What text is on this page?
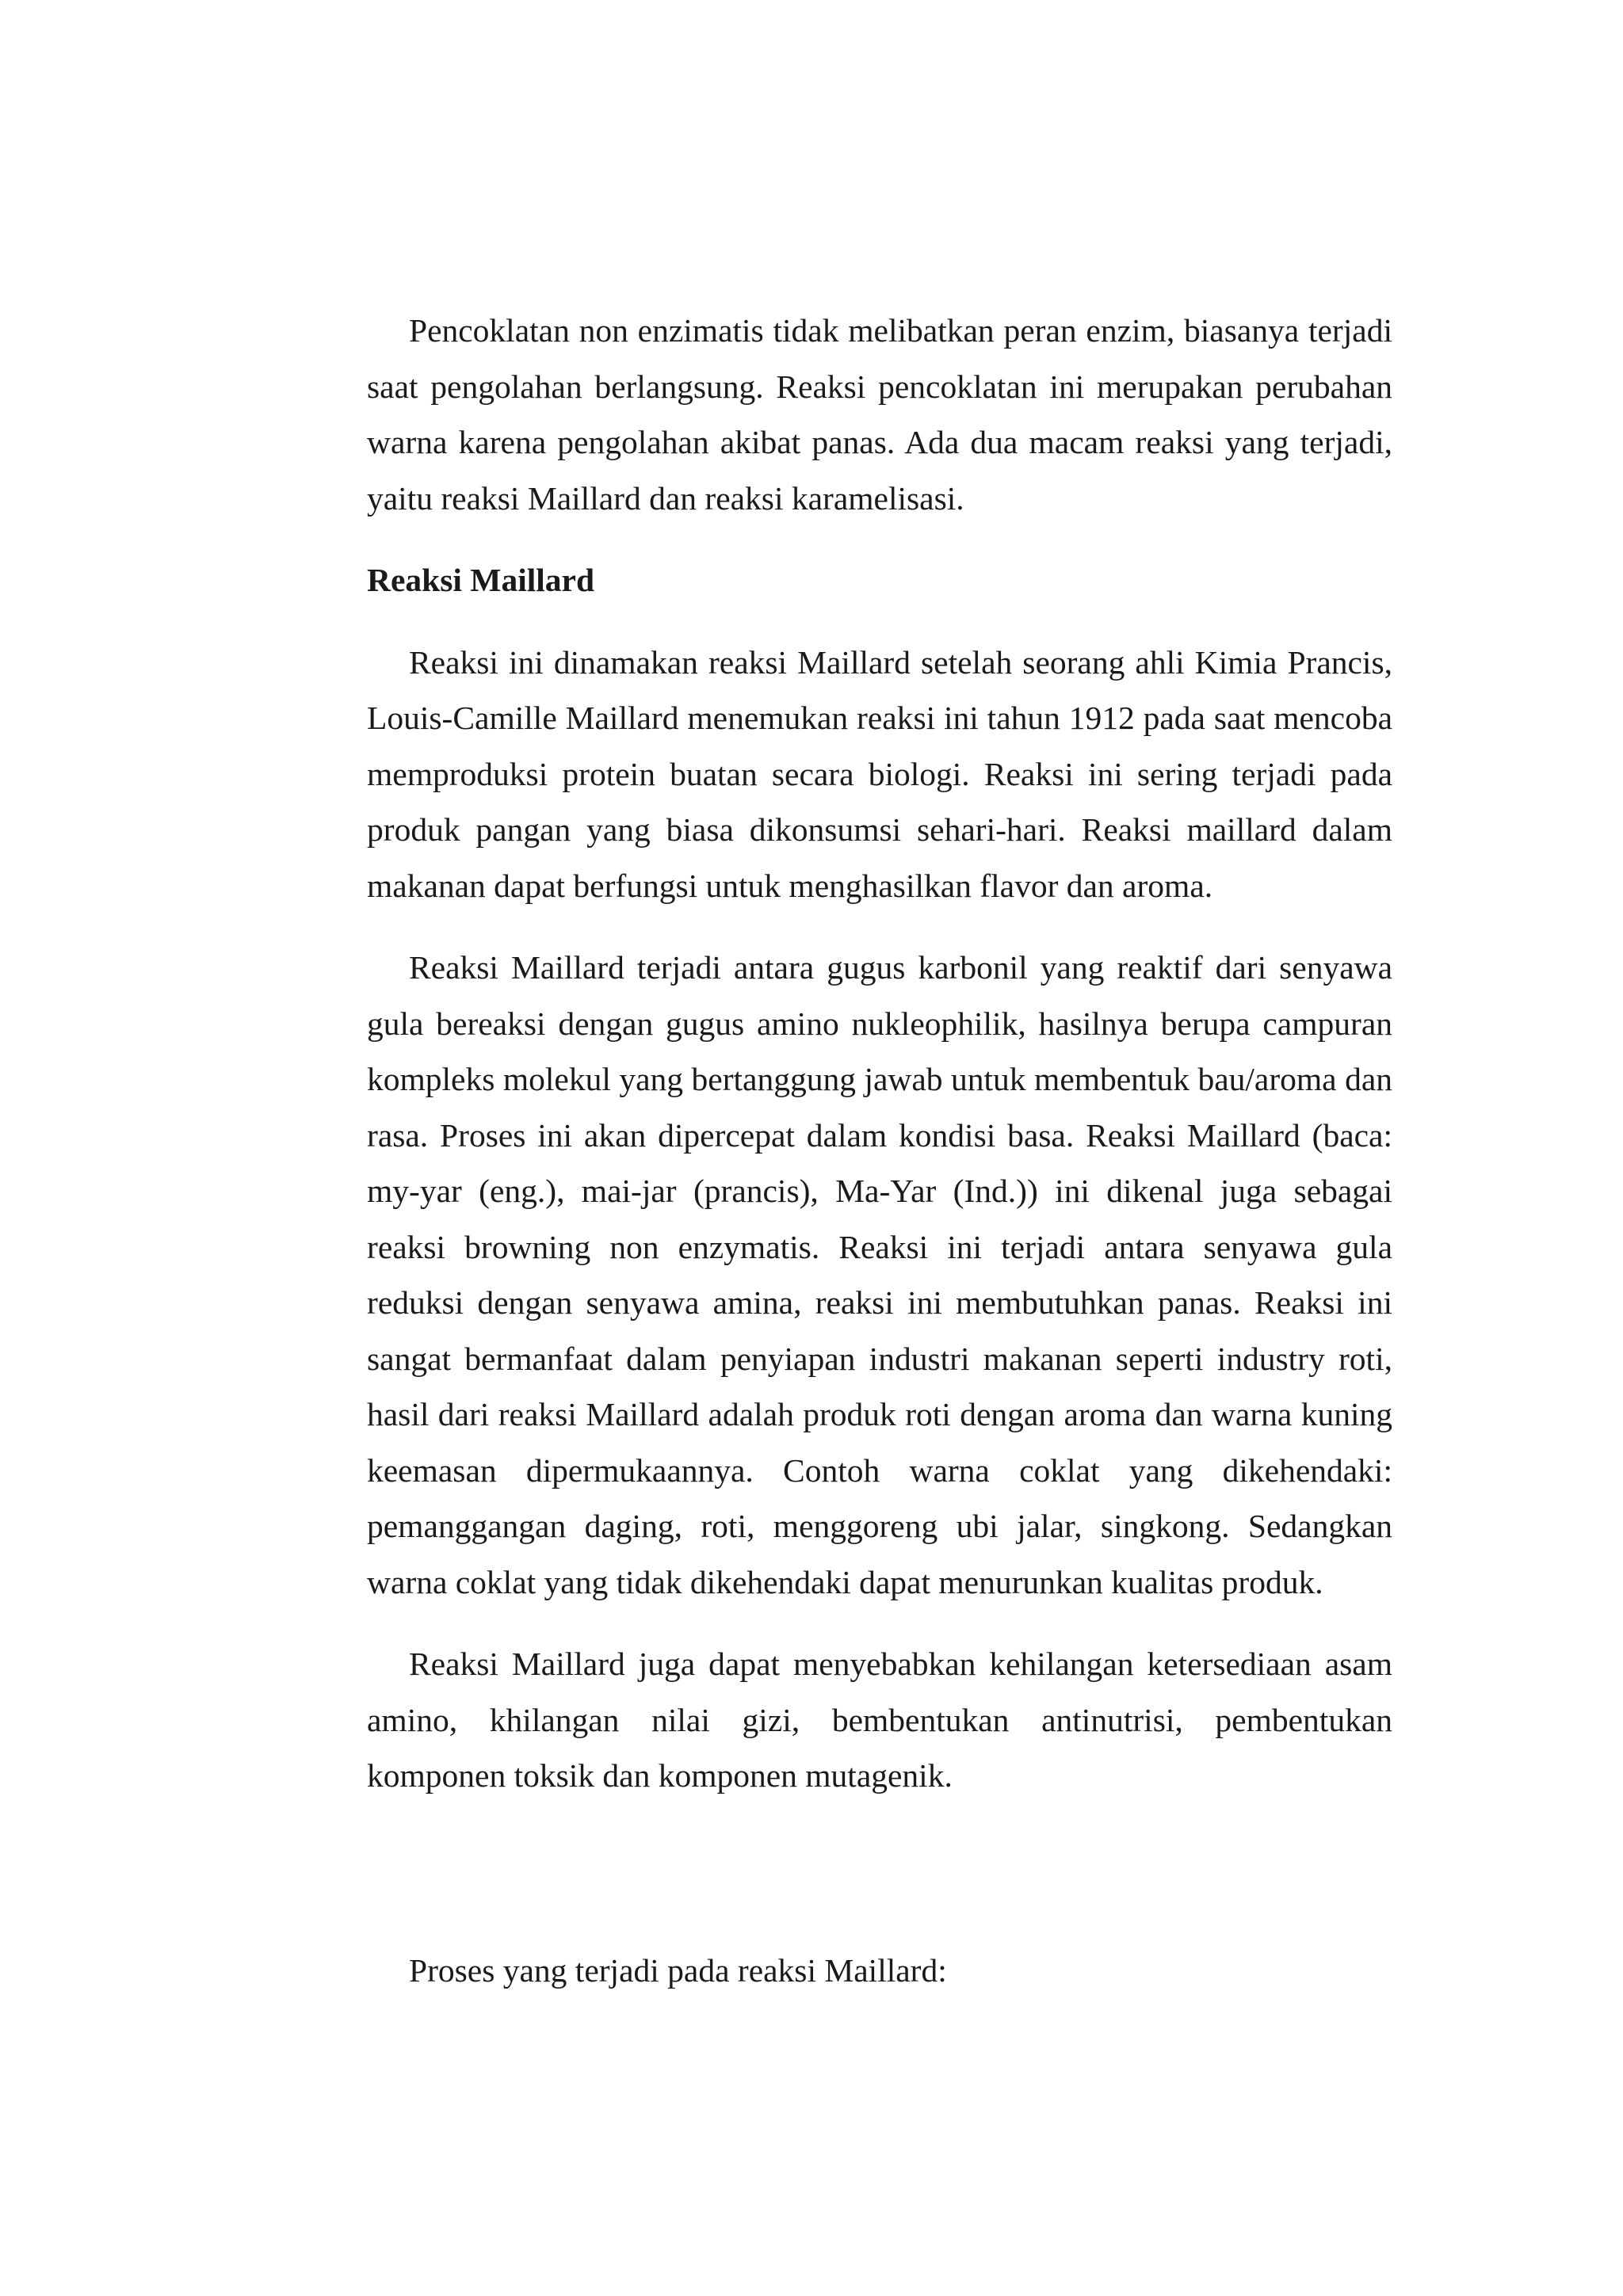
Pencoklatan non enzimatis tidak melibatkan peran enzim, biasanya terjadi saat pengolahan berlangsung. Reaksi pencoklatan ini merupakan perubahan warna karena pengolahan akibat panas. Ada dua macam reaksi yang terjadi, yaitu reaksi Maillard dan reaksi karamelisasi.

Reaksi Maillard

Reaksi ini dinamakan reaksi Maillard setelah seorang ahli Kimia Prancis, Louis-Camille Maillard menemukan reaksi ini tahun 1912 pada saat mencoba memproduksi protein buatan secara biologi. Reaksi ini sering terjadi pada produk pangan yang biasa dikonsumsi sehari-hari. Reaksi maillard dalam makanan dapat berfungsi untuk menghasilkan flavor dan aroma.

Reaksi Maillard terjadi antara gugus karbonil yang reaktif dari senyawa gula bereaksi dengan gugus amino nukleophilik, hasilnya berupa campuran kompleks molekul yang bertanggung jawab untuk membentuk bau/aroma dan rasa. Proses ini akan dipercepat dalam kondisi basa. Reaksi Maillard (baca: my-yar (eng.), mai-jar (prancis), Ma-Yar (Ind.)) ini dikenal juga sebagai reaksi browning non enzymatis. Reaksi ini terjadi antara senyawa gula reduksi dengan senyawa amina, reaksi ini membutuhkan panas. Reaksi ini sangat bermanfaat dalam penyiapan industri makanan seperti industry roti, hasil dari reaksi Maillard adalah produk roti dengan aroma dan warna kuning keemasan dipermukaannya. Contoh warna coklat yang dikehendaki: pemanggangan daging, roti, menggoreng ubi jalar, singkong. Sedangkan warna coklat yang tidak dikehendaki dapat menurunkan kualitas produk.

Reaksi Maillard juga dapat menyebabkan kehilangan ketersediaan asam amino, khilangan nilai gizi, bembentukan antinutrisi, pembentukan komponen toksik dan komponen mutagenik.

Proses yang terjadi pada reaksi Maillard:
